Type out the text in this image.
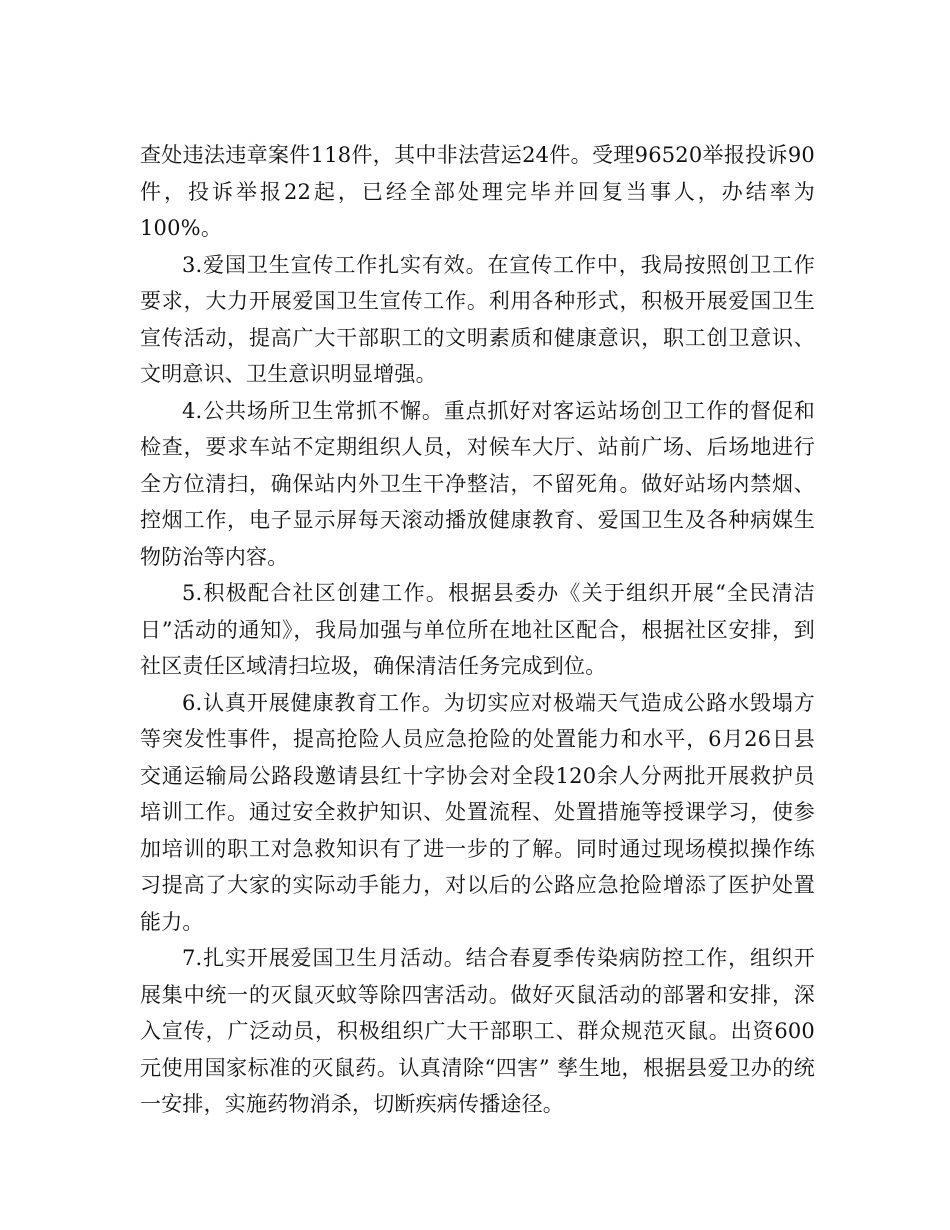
查处违法违章案件118件，其中非法营运24件。受理96520举报投诉90件，投诉举报22起，已经全部处理完毕并回复当事人，办结率为100%。

3.爱国卫生宣传工作扎实有效。在宣传工作中，我局按照创卫工作要求，大力开展爱国卫生宣传工作。利用各种形式，积极开展爱国卫生宣传活动，提高广大干部职工的文明素质和健康意识，职工创卫意识、文明意识、卫生意识明显增强。

4.公共场所卫生常抓不懈。重点抓好对客运站场创卫工作的督促和检查，要求车站不定期组织人员，对候车大厅、站前广场、后场地进行全方位清扫，确保站内外卫生干净整洁，不留死角。做好站场内禁烟、控烟工作，电子显示屏每天滚动播放健康教育、爱国卫生及各种病媒生物防治等内容。

5.积极配合社区创建工作。根据县委办《关于组织开展“全民清洁日”活动的通知》，我局加强与单位所在地社区配合，根据社区安排，到社区责任区域清扫垃圾，确保清洁任务完成到位。

6.认真开展健康教育工作。为切实应对极端天气造成公路水毁塌方等突发性事件，提高抢险人员应急抢险的处置能力和水平，6月26日县交通运输局公路段邀请县红十字协会对全段120余人分两批开展救护员培训工作。通过安全救护知识、处置流程、处置措施等授课学习，使参加培训的职工对急救知识有了进一步的了解。同时通过现场模拟操作练习提高了大家的实际动手能力，对以后的公路应急抢险增添了医护处置能力。

7.扎实开展爱国卫生月活动。结合春夏季传染病防控工作，组织开展集中统一的灭鼠灭蚊等除四害活动。做好灭鼠活动的部署和安排，深入宣传，广泛动员，积极组织广大干部职工、群众规范灭鼠。出资600元使用国家标准的灭鼠药。认真清除“四害” 孳生地，根据县爱卫办的统一安排，实施药物消杀，切断疾病传播途径。
